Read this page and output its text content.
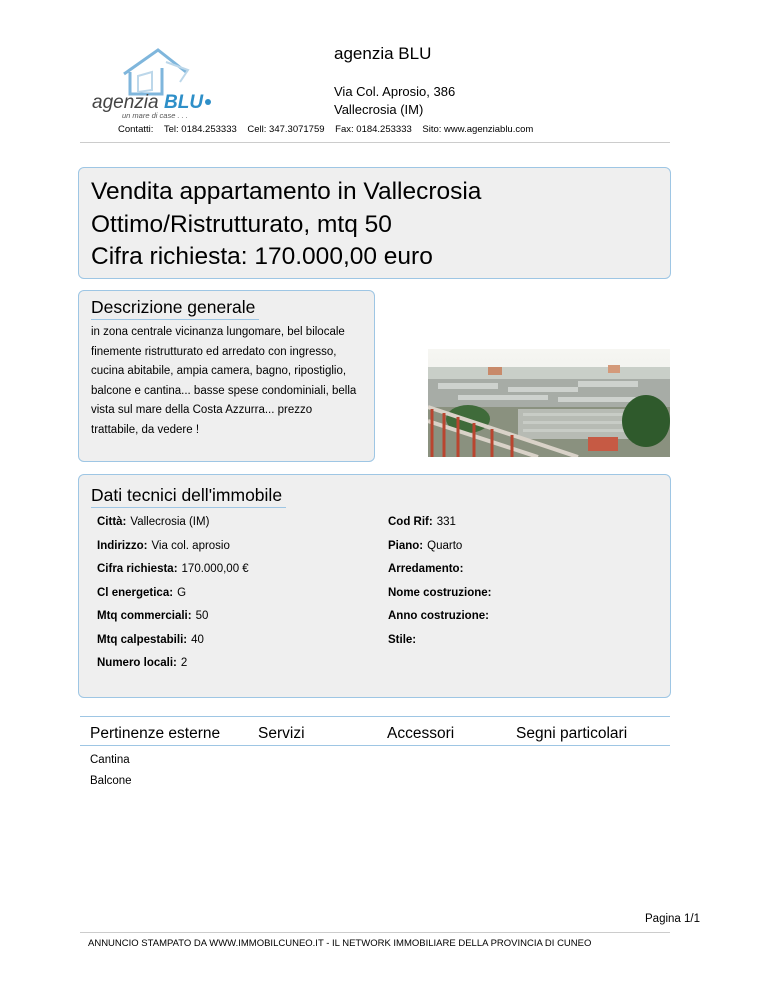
agenzia BLU
un mare di case . . .
agenzia BLU
Via Col. Aprosio, 386
Vallecrosia (IM)
Contatti: Tel: 0184.253333 Cell: 347.3071759 Fax: 0184.253333 Sito: www.agenziablu.com
Vendita appartamento in Vallecrosia
Ottimo/Ristrutturato, mtq 50
Cifra richiesta: 170.000,00 euro
Descrizione generale
in zona centrale vicinanza lungomare, bel bilocale finemente ristrutturato ed arredato con ingresso, cucina abitabile, ampia camera, bagno, ripostiglio, balcone e cantina... basse spese condominiali, bella vista sul mare della Costa Azzurra... prezzo trattabile, da vedere !
Dati tecnici dell'immobile
Città: Vallecrosia (IM)
Indirizzo: Via col. aprosio
Cifra richiesta: 170.000,00 €
Cl energetica: G
Mtq commerciali: 50
Mtq calpestabili: 40
Numero locali: 2
Cod Rif: 331
Piano: Quarto
Arredamento:
Nome costruzione:
Anno costruzione:
Stile:
Pertinenze esterne Servizi	Accessori	Segni particolari
Cantina
Balcone
Pagina 1/1
ANNUNCIO STAMPATO DA WWW.IMMOBILCUNEO.IT - IL NETWORK IMMOBILIARE DELLA PROVINCIA DI CUNEO
